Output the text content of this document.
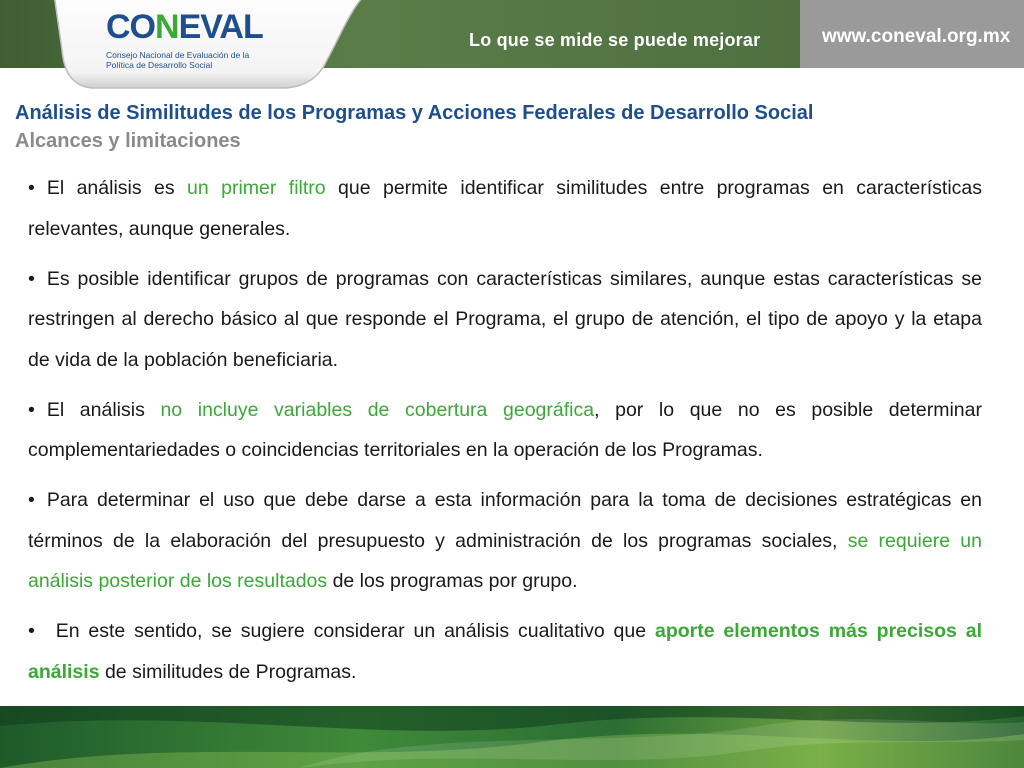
Lo que se mide se puede mejorar	www.coneval.org.mx
CONEVAL
Consejo Nacional de Evaluación de la Política de Desarrollo Social
Análisis de Similitudes de los Programas y Acciones Federales de Desarrollo Social
Alcances y limitaciones

• El análisis es un primer filtro que permite identificar similitudes entre programas en características relevantes, aunque generales.

• Es posible identificar grupos de programas con características similares, aunque estas características se restringen al derecho básico al que responde el Programa, el grupo de atención, el tipo de apoyo y la etapa de vida de la población beneficiaria.

• El análisis no incluye variables de cobertura geográfica, por lo que no es posible determinar complementariedades o coincidencias territoriales en la operación de los Programas.

• Para determinar el uso que debe darse a esta información para la toma de decisiones estratégicas en términos de la elaboración del presupuesto y administración de los programas sociales, se requiere un análisis posterior de los resultados de los programas por grupo.

• En este sentido, se sugiere considerar un análisis cualitativo que aporte elementos más precisos al análisis de similitudes de Programas.
